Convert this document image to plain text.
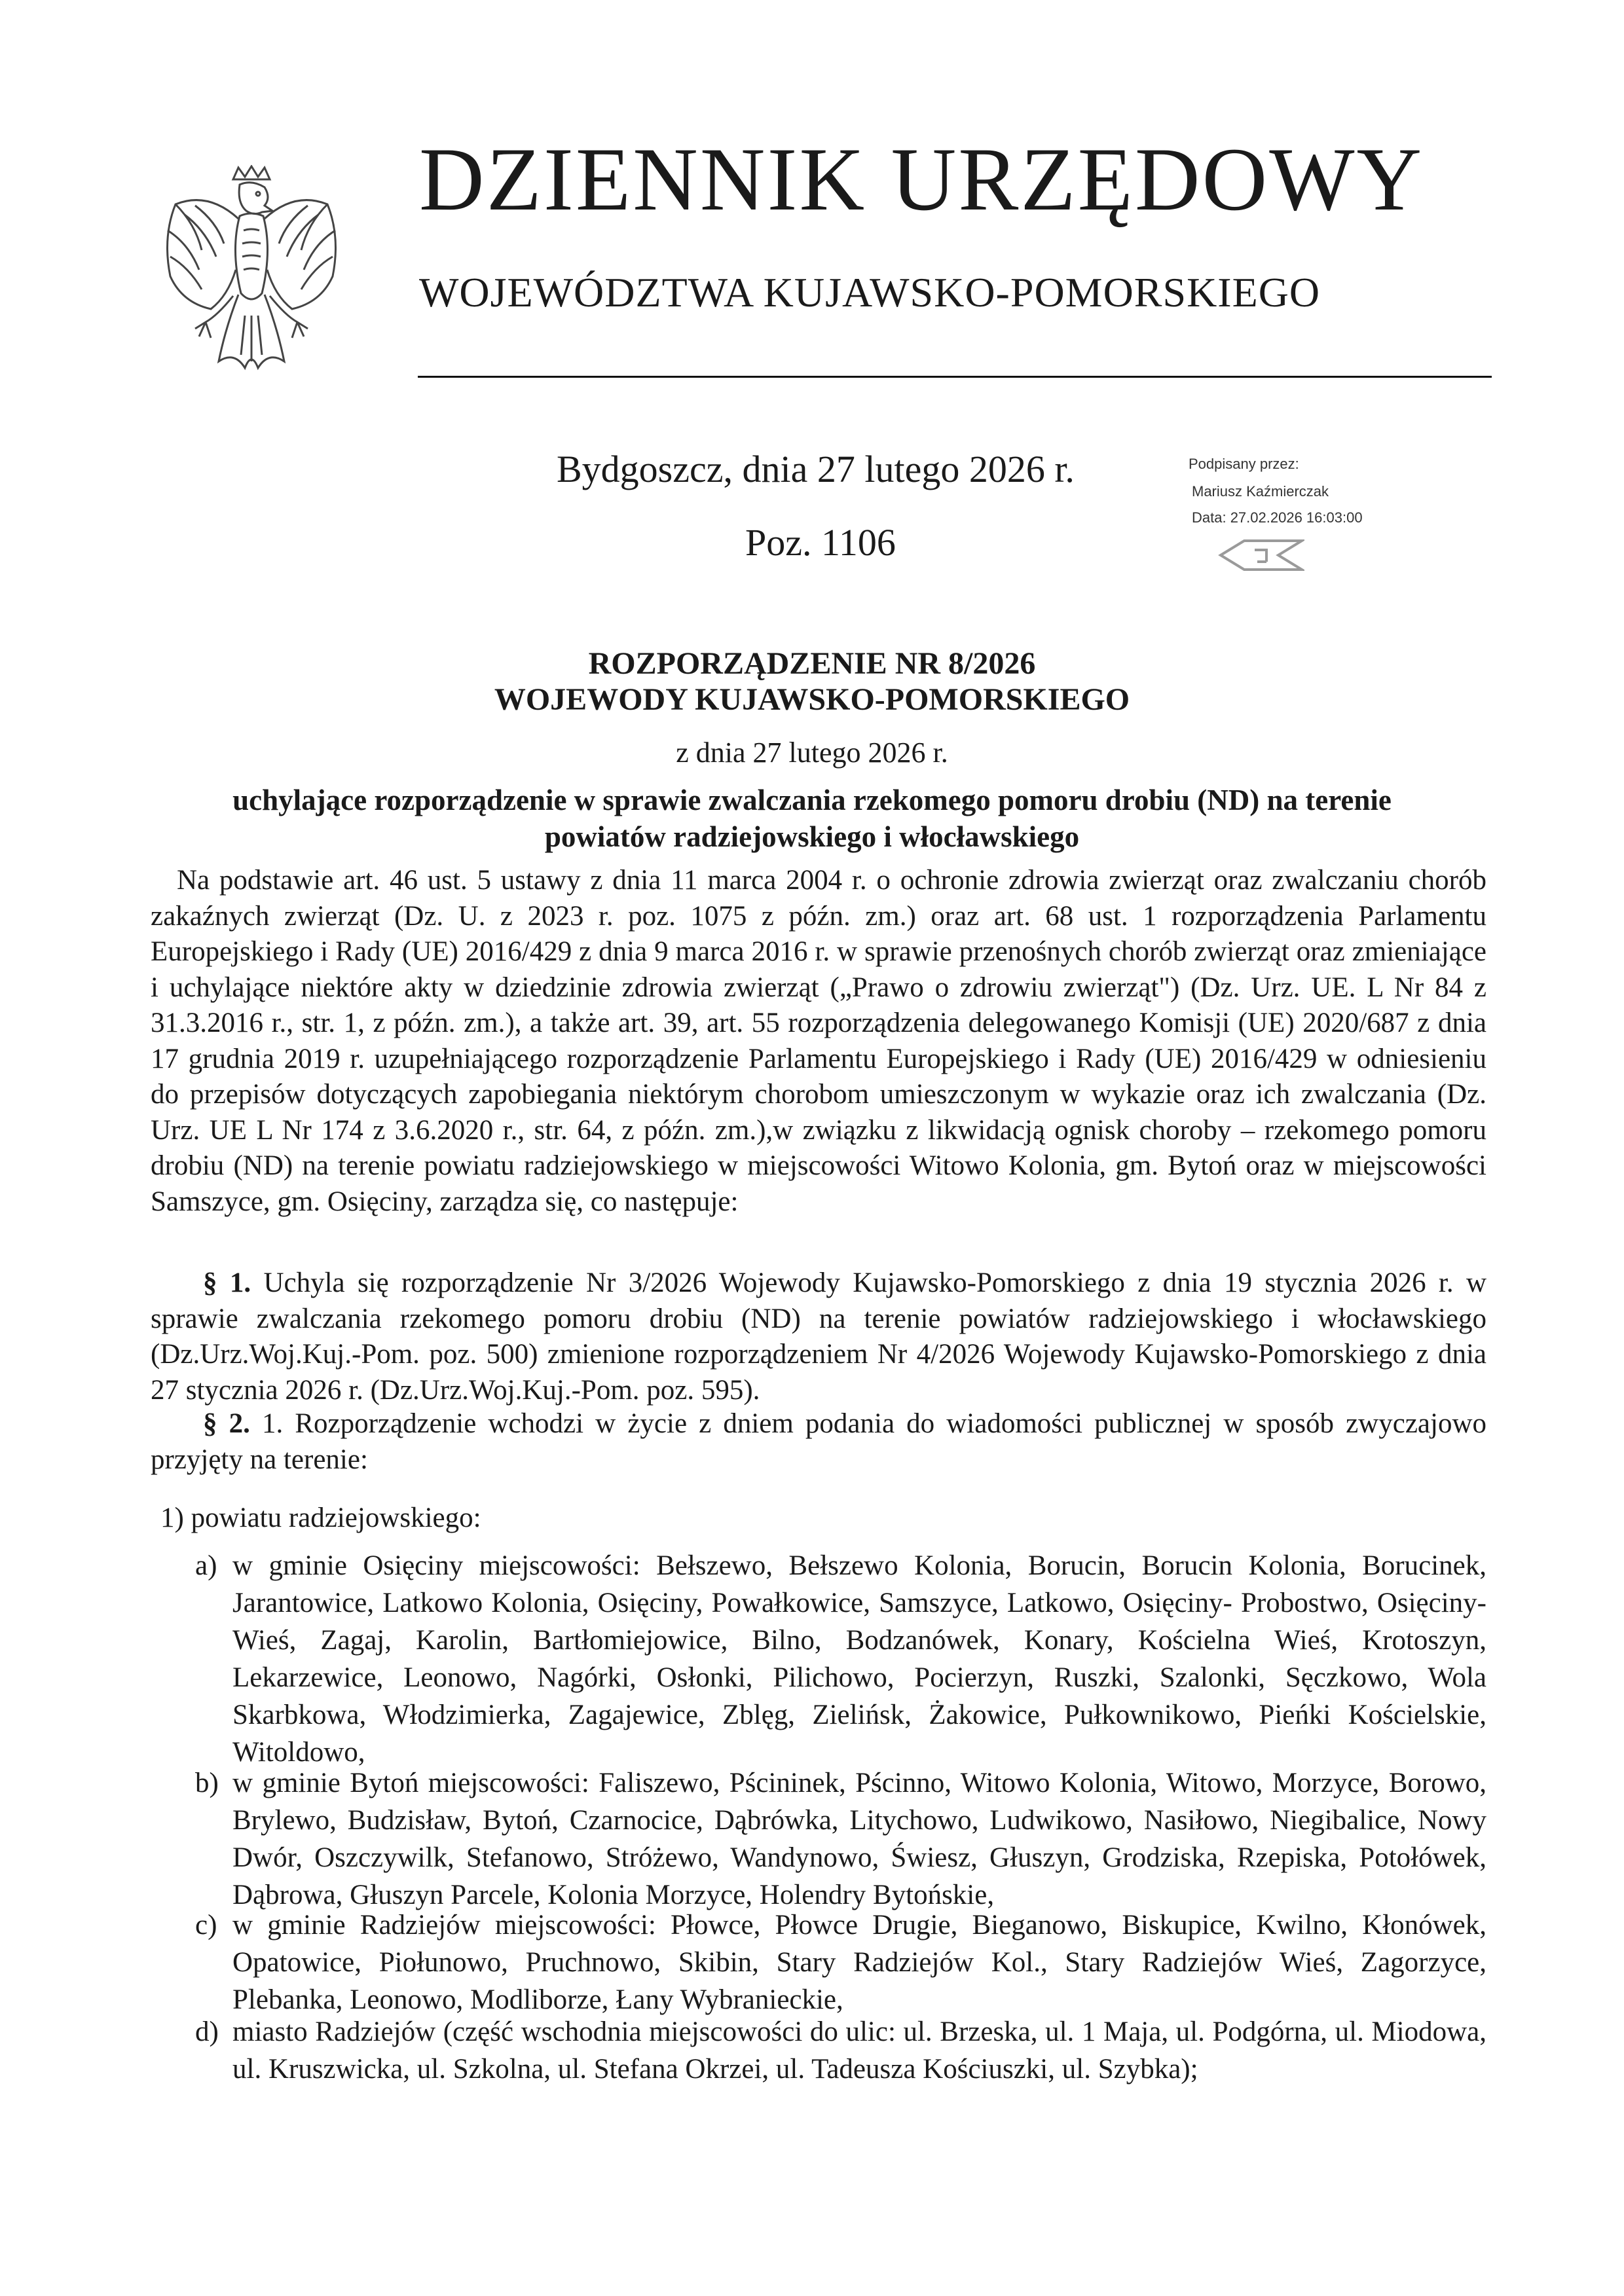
DZIENNIK URZĘDOWY
WOJEWÓDZTWA KUJAWSKO-POMORSKIEGO
Bydgoszcz, dnia 27 lutego 2026 r.
Poz. 1106
Podpisany przez:
Mariusz Kaźmierczak
Data: 27.02.2026 16:03:00
ROZPORZĄDZENIE NR 8/2026
WOJEWODY KUJAWSKO-POMORSKIEGO
z dnia 27 lutego 2026 r.
uchylające rozporządzenie w sprawie zwalczania rzekomego pomoru drobiu (ND) na terenie
powiatów radziejowskiego i włocławskiego

Na podstawie art. 46 ust. 5 ustawy z dnia 11 marca 2004 r. o ochronie zdrowia zwierząt oraz zwalczaniu chorób zakaźnych zwierząt (Dz. U. z 2023 r. poz. 1075 z późn. zm.) oraz art. 68 ust. 1 rozporządzenia Parlamentu Europejskiego i Rady (UE) 2016/429 z dnia 9 marca 2016 r. w sprawie przenośnych chorób zwierząt oraz zmieniające i uchylające niektóre akty w dziedzinie zdrowia zwierząt („Prawo o zdrowiu zwierząt") (Dz. Urz. UE. L Nr 84 z 31.3.2016 r., str. 1, z późn. zm.), a także art. 39, art. 55 rozporządzenia delegowanego Komisji (UE) 2020/687 z dnia 17 grudnia 2019 r. uzupełniającego rozporządzenie Parlamentu Europejskiego i Rady (UE) 2016/429 w odniesieniu do przepisów dotyczących zapobiegania niektórym chorobom umieszczonym w wykazie oraz ich zwalczania (Dz. Urz. UE L Nr 174 z 3.6.2020 r., str. 64, z późn. zm.),w związku z likwidacją ognisk choroby – rzekomego pomoru drobiu (ND) na terenie powiatu radziejowskiego w miejscowości Witowo Kolonia, gm. Bytoń oraz w miejscowości Samszyce, gm. Osięciny, zarządza się, co następuje:

§ 1. Uchyla się rozporządzenie Nr 3/2026 Wojewody Kujawsko-Pomorskiego z dnia 19 stycznia 2026 r. w sprawie zwalczania rzekomego pomoru drobiu (ND) na terenie powiatów radziejowskiego i włocławskiego (Dz.Urz.Woj.Kuj.-Pom. poz. 500) zmienione rozporządzeniem Nr 4/2026 Wojewody Kujawsko-Pomorskiego z dnia 27 stycznia 2026 r. (Dz.Urz.Woj.Kuj.-Pom. poz. 595).

§ 2. 1. Rozporządzenie wchodzi w życie z dniem podania do wiadomości publicznej w sposób zwyczajowo przyjęty na terenie:

1) powiatu radziejowskiego:

a) w gminie Osięciny miejscowości: Bełszewo, Bełszewo Kolonia, Borucin, Borucin Kolonia, Borucinek, Jarantowice, Latkowo Kolonia, Osięciny, Powałkowice, Samszyce, Latkowo, Osięciny- Probostwo, Osięciny-Wieś, Zagaj, Karolin, Bartłomiejowice, Bilno, Bodzanówek, Konary, Kościelna Wieś, Krotoszyn, Lekarzewice, Leonowo, Nagórki, Osłonki, Pilichowo, Pocierzyn, Ruszki, Szalonki, Sęczkowo, Wola Skarbkowa, Włodzimierka, Zagajewice, Zblęg, Zielińsk, Żakowice, Pułkownikowo, Pieńki Kościelskie, Witoldowo,

b) w gminie Bytoń miejscowości: Faliszewo, Pścininek, Pścinno, Witowo Kolonia, Witowo, Morzyce, Borowo, Brylewo, Budzisław, Bytoń, Czarnocice, Dąbrówka, Litychowo, Ludwikowo, Nasiłowo, Niegibalice, Nowy Dwór, Oszczywilk, Stefanowo, Stróżewo, Wandynowo, Świesz, Głuszyn, Grodziska, Rzepiska, Potołówek, Dąbrowa, Głuszyn Parcele, Kolonia Morzyce, Holendry Bytońskie,

c) w gminie Radziejów miejscowości: Płowce, Płowce Drugie, Bieganowo, Biskupice, Kwilno, Kłonówek, Opatowice, Piołunowo, Pruchnowo, Skibin, Stary Radziejów Kol., Stary Radziejów Wieś, Zagorzyce, Plebanka, Leonowo, Modliborze, Łany Wybranieckie,

d) miasto Radziejów (część wschodnia miejscowości do ulic: ul. Brzeska, ul. 1 Maja, ul. Podgórna, ul. Miodowa, ul. Kruszwicka, ul. Szkolna, ul. Stefana Okrzei, ul. Tadeusza Kościuszki, ul. Szybka);
